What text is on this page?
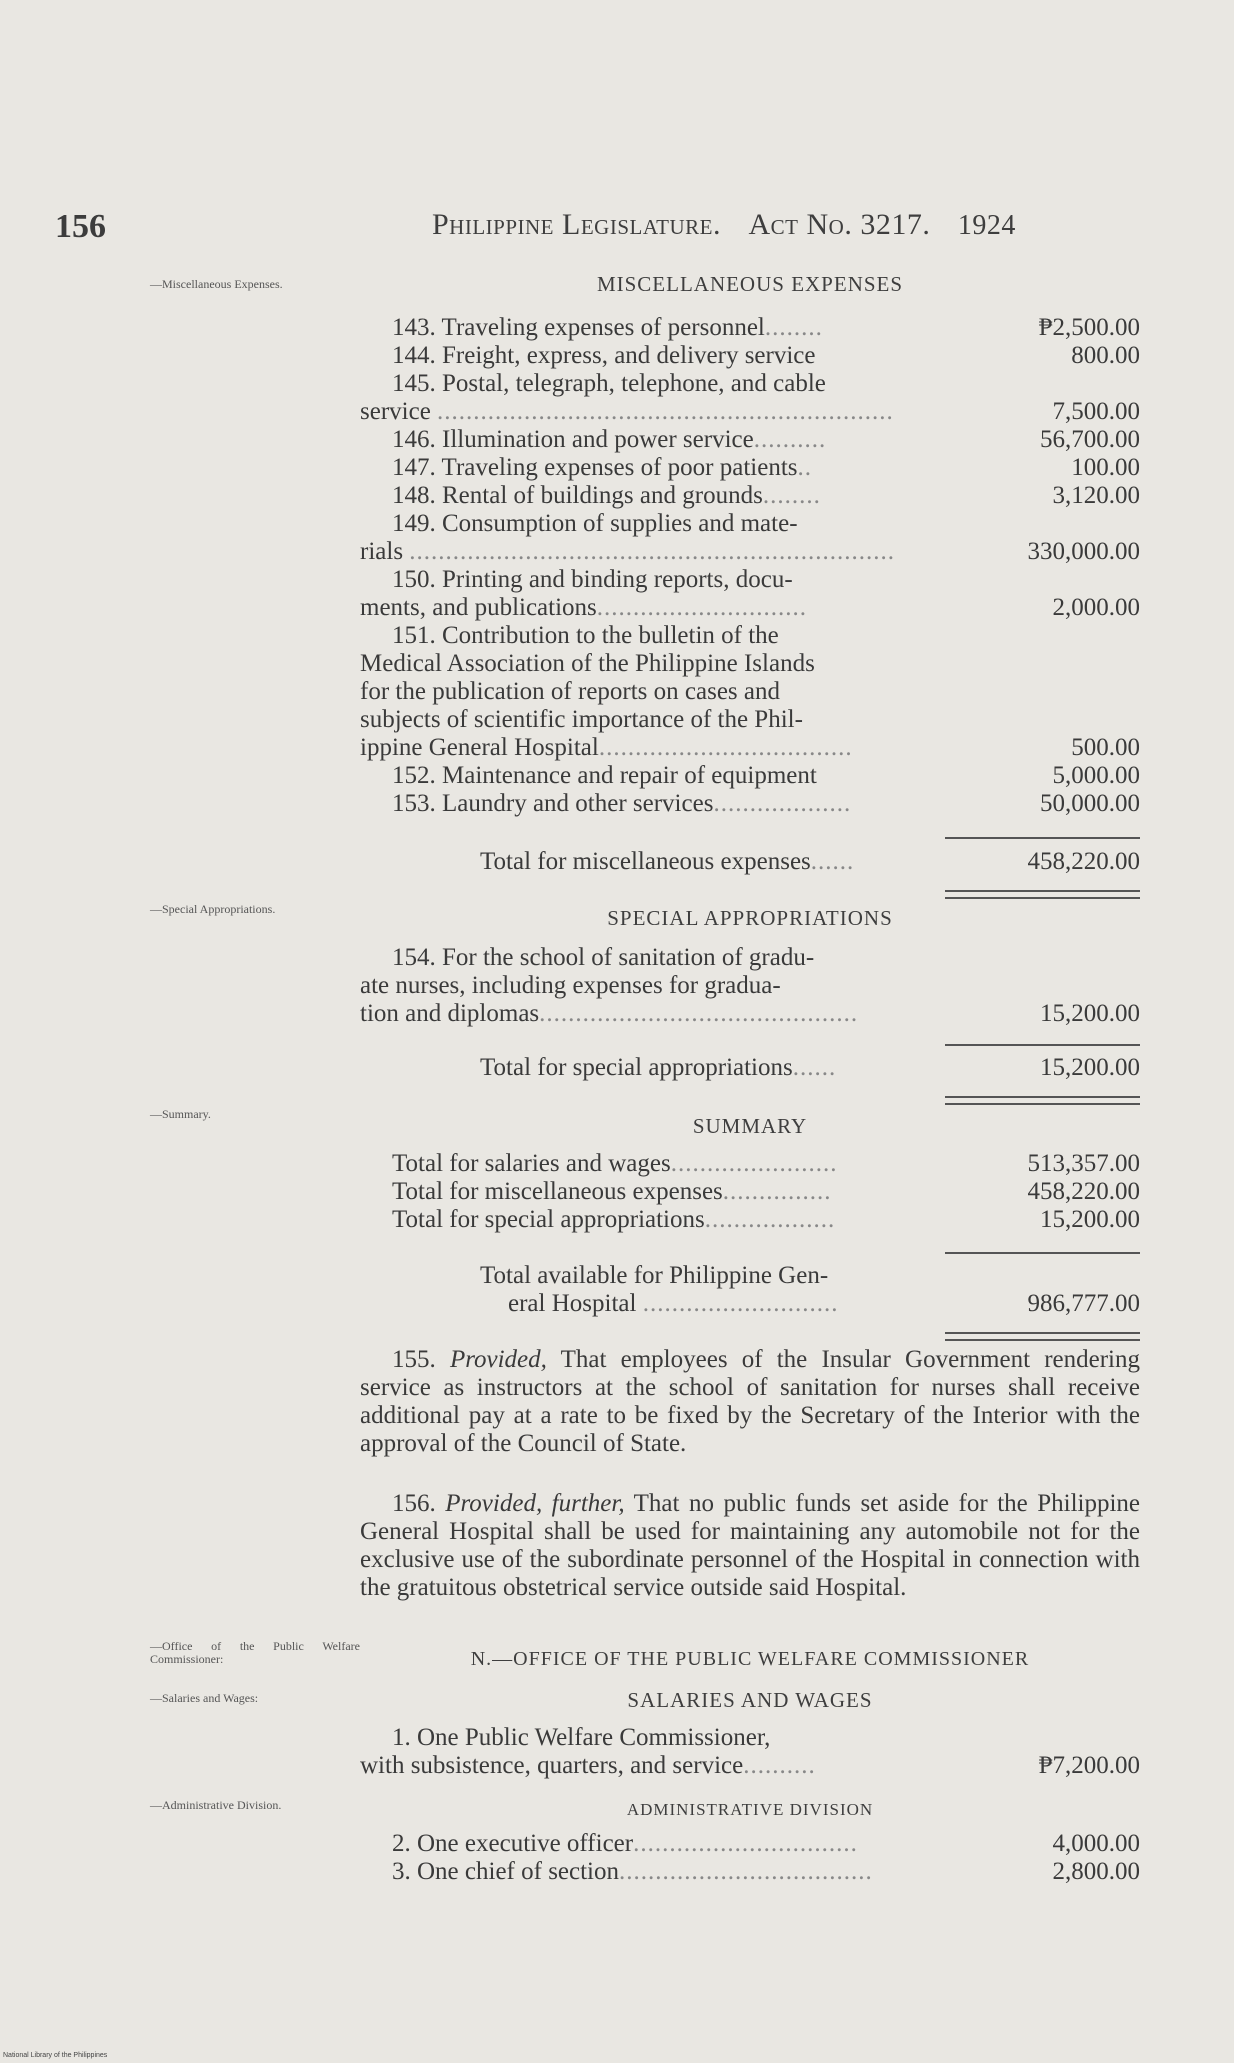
156	Philippine Legislature. Act No. 3217. 1924
—Miscellaneous Expenses.
—Special Appropriations.
—Summary.
—Office of the Public Welfare Commissioner:
—Salaries and Wages:
—Administrative Division.
MISCELLANEOUS EXPENSES
143. Traveling expenses of personnel........	₱2,500.00
144. Freight, express, and delivery service	800.00
145. Postal, telegraph, telephone, and cable
service ...............................................................	7,500.00
146. Illumination and power service..........	56,700.00
147. Traveling expenses of poor patients..	100.00
148. Rental of buildings and grounds........	3,120.00
149. Consumption of supplies and mate-
rials ...................................................................	330,000.00
150. Printing and binding reports, docu-
ments, and publications.............................	2,000.00
151. Contribution to the bulletin of the
Medical Association of the Philippine Islands
for the publication of reports on cases and
subjects of scientific importance of the Phil-
ippine General Hospital...................................	500.00
152. Maintenance and repair of equipment	5,000.00
153. Laundry and other services...................	50,000.00
Total for miscellaneous expenses......	458,220.00
SPECIAL APPROPRIATIONS
154. For the school of sanitation of gradu-
ate nurses, including expenses for gradua-
tion and diplomas............................................	15,200.00
Total for special appropriations......	15,200.00
SUMMARY
Total for salaries and wages.......................	513,357.00
Total for miscellaneous expenses...............	458,220.00
Total for special appropriations..................	15,200.00
Total available for Philippine Gen-
eral Hospital ...........................	986,777.00
155. Provided, That employees of the Insular Government rendering service as instructors at the school of sanitation for nurses shall receive additional pay at a rate to be fixed by the Secretary of the Interior with the approval of the Council of State.
156. Provided, further, That no public funds set aside for the Philippine General Hospital shall be used for maintaining any automobile not for the exclusive use of the subordinate personnel of the Hospital in connection with the gratuitous obstetrical service outside said Hospital.
N.—OFFICE OF THE PUBLIC WELFARE COMMISSIONER
SALARIES AND WAGES
1. One Public Welfare Commissioner,
with subsistence, quarters, and service..........	₱7,200.00
ADMINISTRATIVE DIVISION
2. One executive officer...............................	4,000.00
3. One chief of section...................................	2,800.00
National Library of the Philippines
